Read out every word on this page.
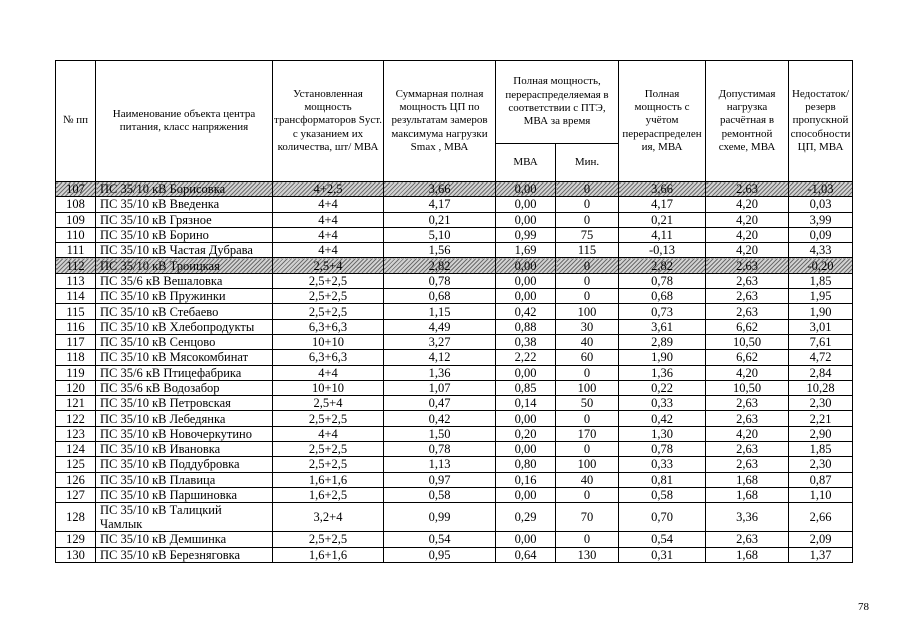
№ пп	Наименование объекта центра питания, класс напряжения	Установленная мощность трансформаторов Sуст. с указанием их количества, шт/ МВА	Суммарная полная мощность ЦП по результатам замеров максимума нагрузки Smax , МВА	Полная мощность, перераспределяемая в соответствии с ПТЭ, МВА за время		Полная мощность с учётом перераспределения, МВА	Допустимая нагрузка расчётная в ремонтной схеме, МВА	Недостаток/ резерв пропускной способности ЦП, МВА
				МВА	Мин.			
107	ПС 35/10 кВ Борисовка	4+2,5	3,66	0,00	0	3,66	2,63	-1,03
108	ПС 35/10 кВ Введенка	4+4	4,17	0,00	0	4,17	4,20	0,03
109	ПС 35/10 кВ Грязное	4+4	0,21	0,00	0	0,21	4,20	3,99
110	ПС 35/10 кВ Борино	4+4	5,10	0,99	75	4,11	4,20	0,09
111	ПС 35/10 кВ Частая Дубрава	4+4	1,56	1,69	115	-0,13	4,20	4,33
112	ПС 35/10 кВ Троицкая	2,5+4	2,82	0,00	0	2,82	2,63	-0,20
113	ПС 35/6 кВ Вешаловка	2,5+2,5	0,78	0,00	0	0,78	2,63	1,85
114	ПС 35/10 кВ Пружинки	2,5+2,5	0,68	0,00	0	0,68	2,63	1,95
115	ПС 35/10 кВ Стебаево	2,5+2,5	1,15	0,42	100	0,73	2,63	1,90
116	ПС 35/10 кВ Хлебопродукты	6,3+6,3	4,49	0,88	30	3,61	6,62	3,01
117	ПС 35/10 кВ Сенцово	10+10	3,27	0,38	40	2,89	10,50	7,61
118	ПС 35/10 кВ Мясокомбинат	6,3+6,3	4,12	2,22	60	1,90	6,62	4,72
119	ПС 35/6 кВ Птицефабрика	4+4	1,36	0,00	0	1,36	4,20	2,84
120	ПС 35/6 кВ Водозабор	10+10	1,07	0,85	100	0,22	10,50	10,28
121	ПС 35/10 кВ Петровская	2,5+4	0,47	0,14	50	0,33	2,63	2,30
122	ПС 35/10 кВ Лебедянка	2,5+2,5	0,42	0,00	0	0,42	2,63	2,21
123	ПС 35/10 кВ Новочеркутино	4+4	1,50	0,20	170	1,30	4,20	2,90
124	ПС 35/10 кВ Ивановка	2,5+2,5	0,78	0,00	0	0,78	2,63	1,85
125	ПС 35/10 кВ Поддубровка	2,5+2,5	1,13	0,80	100	0,33	2,63	2,30
126	ПС 35/10 кВ Плавица	1,6+1,6	0,97	0,16	40	0,81	1,68	0,87
127	ПС 35/10 кВ Паршиновка	1,6+2,5	0,58	0,00	0	0,58	1,68	1,10
128	ПС 35/10 кВ Талицкий Чамлык	3,2+4	0,99	0,29	70	0,70	3,36	2,66
129	ПС 35/10 кВ Демшинка	2,5+2,5	0,54	0,00	0	0,54	2,63	2,09
130	ПС 35/10 кВ Березняговка	1,6+1,6	0,95	0,64	130	0,31	1,68	1,37
78
